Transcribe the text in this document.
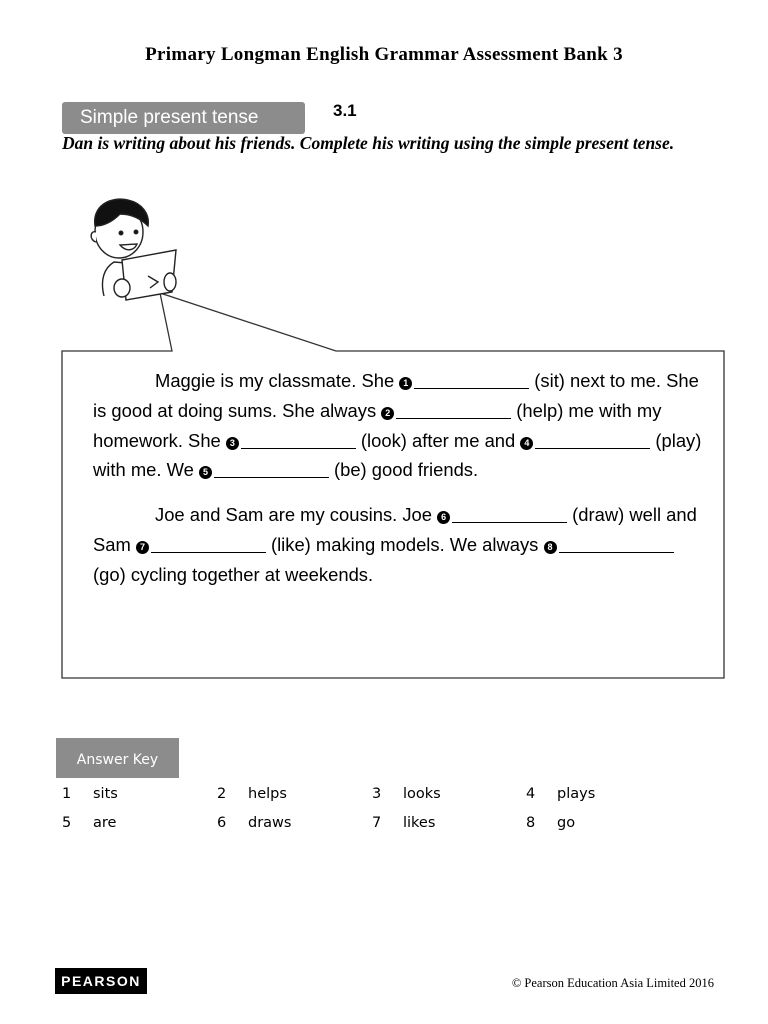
Primary Longman English Grammar Assessment Bank 3
Simple present tense	3.1
Dan is writing about his friends. Complete his writing using the simple present tense.

Maggie is my classmate. She 1	(sit) next to me. She is good at doing sums. She always 2	(help) me with my homework. She 3	(look) after me and 4	(play) with me. We 5	(be) good friends.

Joe and Sam are my cousins. Joe 6	(draw) well and Sam 7	(like) making models. We always 8(go) cycling together at weekends.

Answer Key
1 sits	2 helps	3 looks	4 plays
5 are	6 draws	7 likes	8 go
PEARSON	© Pearson Education Asia Limited 2016
